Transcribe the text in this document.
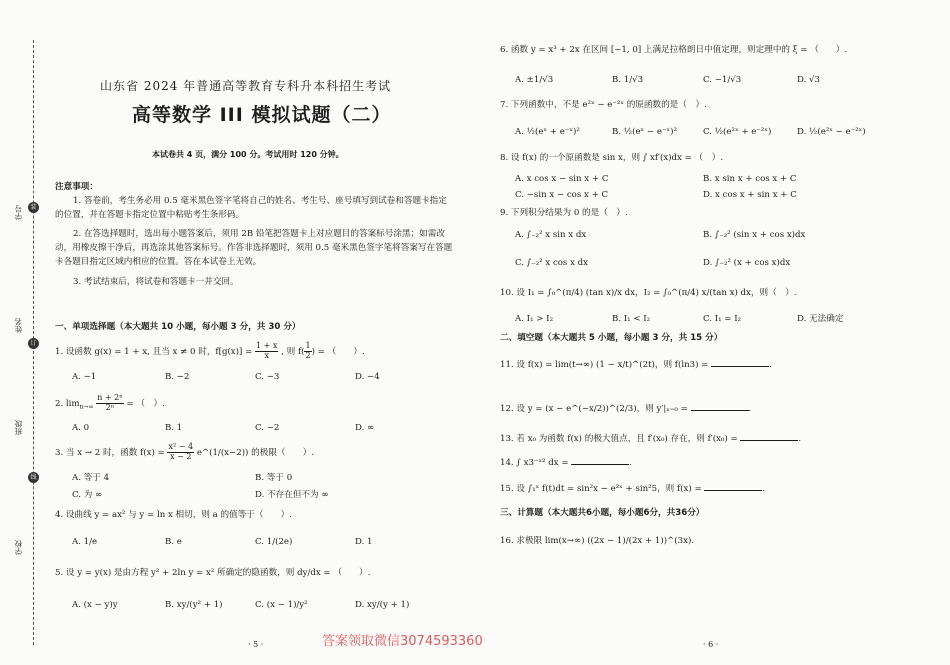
学号
姓名
班级
学校
装
订
线
山东省 2024 年普通高等教育专科升本科招生考试
高等数学 III 模拟试题（二）
本试卷共 4 页，满分 100 分。考试用时 120 分钟。
注意事项：
1. 答卷前，考生务必用 0.5 毫米黑色签字笔将自己的姓名、考生号、座号填写到试卷和答题卡指定的位置，并在答题卡指定位置中粘贴考生条形码。
2. 在答选择题时，选出每小题答案后，须用 2B 铅笔把答题卡上对应题目的答案标号涂黑；如需改动，用橡皮擦干净后，再选涂其他答案标号。作答非选择题时，须用 0.5 毫米黑色签字笔将答案写在答题卡各题目指定区域内相应的位置。答在本试卷上无效。
3. 考试结束后，将试卷和答题卡一并交回。
一、单项选择题（本大题共 10 小题，每小题 3 分，共 30 分）
1. 设函数 g(x) = 1 + x, 且当 x ≠ 0 时，$f[g(x)] = \frac{1 + x}{x}$ , 则 $f( \frac{1}{2}$ ) = （　　）.
A. −1	B. −2	C. −3	D. −4
2. $\lim_{n\to\infty} \frac{\text{n + 2ⁿ}}{\text{2ⁿ}}$ = （　）.
A. 0	B. 1	C. −2	D. ∞
3. 当 x → 2 时，函数 $f(x) = \frac{\text{x² − 4}}{x - 2}$ e^(1/(x−2)) 的极限（　　）.
A. 等于 4	B. 等于 0
C. 为 ∞	D. 不存在但不为 ∞
4. 设曲线 y = ax² 与 y = ln x 相切，则 a 的值等于（　　）.
A. 1/e	B. e	C. 1/(2e)	D. 1
5. 设 y = y(x) 是由方程 y² + 2ln y = x² 所确定的隐函数，则 dy/dx = （　　）.
A. (x − y)y	B. xy/(y² + 1)	C. (x − 1)/y²	D. xy/(y + 1)
· 5 ·
6. 函数 y = x³ + 2x 在区间 [−1, 0] 上满足拉格朗日中值定理，则定理中的 ξ = （　　）.
A. ±1/√3	B. 1/√3	C. −1/√3	D. √3
7. 下列函数中，不是 e²ˣ − e⁻²ˣ 的原函数的是（　）.
A. ½(eˣ + e⁻ˣ)²	B. ½(eˣ − e⁻ˣ)²	C. ½(e²ˣ + e⁻²ˣ)	D. ½(e²ˣ − e⁻²ˣ)
8. 设 f(x) 的一个原函数是 sin x，则 ∫ xf′(x)dx = （　）.
A. x cos x − sin x + C	B. x sin x + cos x + C
C. −sin x − cos x + C	D. x cos x + sin x + C
9. 下列积分结果为 0 的是（　）.
A. ∫₋₂² x sin x dx	B. ∫₋₂² (sin x + cos x)dx
C. ∫₋₂² x cos x dx	D. ∫₋₂² (x + cos x)dx
10. 设 I₁ = ∫₀^(π/4) (tan x)/x dx，I₂ = ∫₀^(π/4) x/(tan x) dx，则（　）.
A. I₁ > I₂	B. I₁ < I₂	C. I₁ = I₂	D. 无法确定
二、填空题（本大题共 5 小题，每小题 3 分，共 15 分）
11. 设 f(x) = lim(t→∞) (1 − x/t)^(2t)，则 f(ln3) =	.
12. 设 y = (x − e^(−x/2))^(2/3)，则 y′|ₓ₌₀ =	.
13. 若 x₀ 为函数 f(x) 的极大值点，且 f′(x₀) 存在，则 f′(x₀) =	.
14. ∫ x3⁻ˣ² dx =	.
15. 设 ∫₁ˣ f(t)dt = sin²x − e²ˣ + sin²5，则 f(x) =	.
三、计算题（本大题共6小题，每小题6分，共36分）
16. 求极限 lim(x→∞) ((2x − 1)/(2x + 1))^(3x).
· 6 ·
答案领取微信3074593360
